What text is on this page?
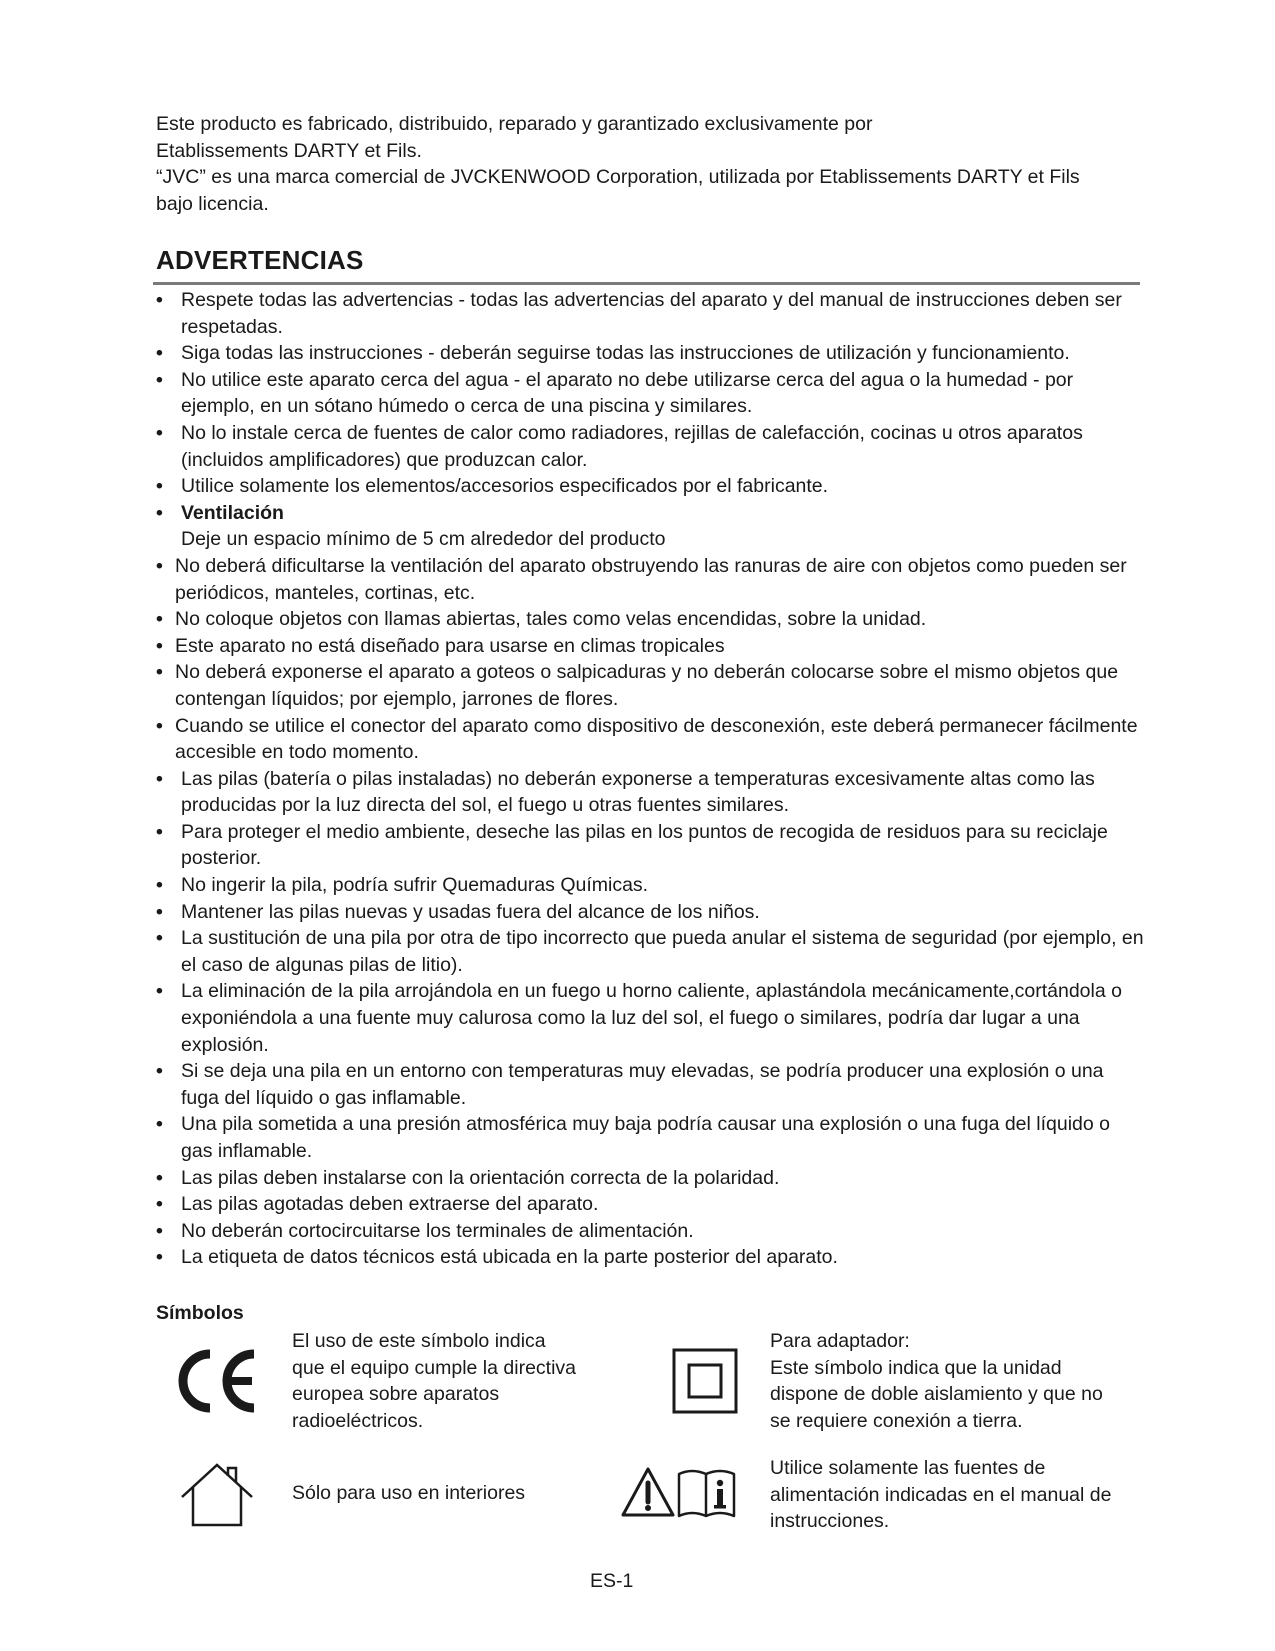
Este producto es fabricado, distribuido, reparado y garantizado exclusivamente por
Etablissements DARTY et Fils.
“JVC” es una marca comercial de JVCKENWOOD Corporation, utilizada por Etablissements DARTY et Fils
bajo licencia.
ADVERTENCIAS
• Respete todas las advertencias - todas las advertencias del aparato y del manual de instrucciones deben ser respetadas.
• Siga todas las instrucciones - deberán seguirse todas las instrucciones de utilización y funcionamiento.
• No utilice este aparato cerca del agua - el aparato no debe utilizarse cerca del agua o la humedad - por ejemplo, en un sótano húmedo o cerca de una piscina y similares.
• No lo instale cerca de fuentes de calor como radiadores, rejillas de calefacción, cocinas u otros aparatos (incluidos amplificadores) que produzcan calor.
• Utilice solamente los elementos/accesorios especificados por el fabricante.
• Ventilación
Deje un espacio mínimo de 5 cm alrededor del producto
• No deberá dificultarse la ventilación del aparato obstruyendo las ranuras de aire con objetos como pueden ser periódicos, manteles, cortinas, etc.
• No coloque objetos con llamas abiertas, tales como velas encendidas, sobre la unidad.
• Este aparato no está diseñado para usarse en climas tropicales
• No deberá exponerse el aparato a goteos o salpicaduras y no deberán colocarse sobre el mismo objetos que contengan líquidos; por ejemplo, jarrones de flores.
• Cuando se utilice el conector del aparato como dispositivo de desconexión, este deberá permanecer fácilmente accesible en todo momento.
• Las pilas (batería o pilas instaladas) no deberán exponerse a temperaturas excesivamente altas como las producidas por la luz directa del sol, el fuego u otras fuentes similares.
• Para proteger el medio ambiente, deseche las pilas en los puntos de recogida de residuos para su reciclaje posterior.
• No ingerir la pila, podría sufrir Quemaduras Químicas.
• Mantener las pilas nuevas y usadas fuera del alcance de los niños.
• La sustitución de una pila por otra de tipo incorrecto que pueda anular el sistema de seguridad (por ejemplo, en el caso de algunas pilas de litio).
• La eliminación de la pila arrojándola en un fuego u horno caliente, aplastándola mecánicamente,cortándola o exponiéndola a una fuente muy calurosa como la luz del sol, el fuego o similares, podría dar lugar a una explosión.
• Si se deja una pila en un entorno con temperaturas muy elevadas, se podría producer una explosión o una fuga del líquido o gas inflamable.
• Una pila sometida a una presión atmosférica muy baja podría causar una explosión o una fuga del líquido o gas inflamable.
• Las pilas deben instalarse con la orientación correcta de la polaridad.
• Las pilas agotadas deben extraerse del aparato.
• No deberán cortocircuitarse los terminales de alimentación.
• La etiqueta de datos técnicos está ubicada en la parte posterior del aparato.
Símbolos
CE	El uso de este símbolo indica que el equipo cumple la directiva europea sobre aparatos radioeléctricos.
Para adaptador:
Este símbolo indica que la unidad dispone de doble aislamiento y que no se requiere conexión a tierra.
Sólo para uso en interiores
Utilice solamente las fuentes de alimentación indicadas en el manual de instrucciones.
ES-1
